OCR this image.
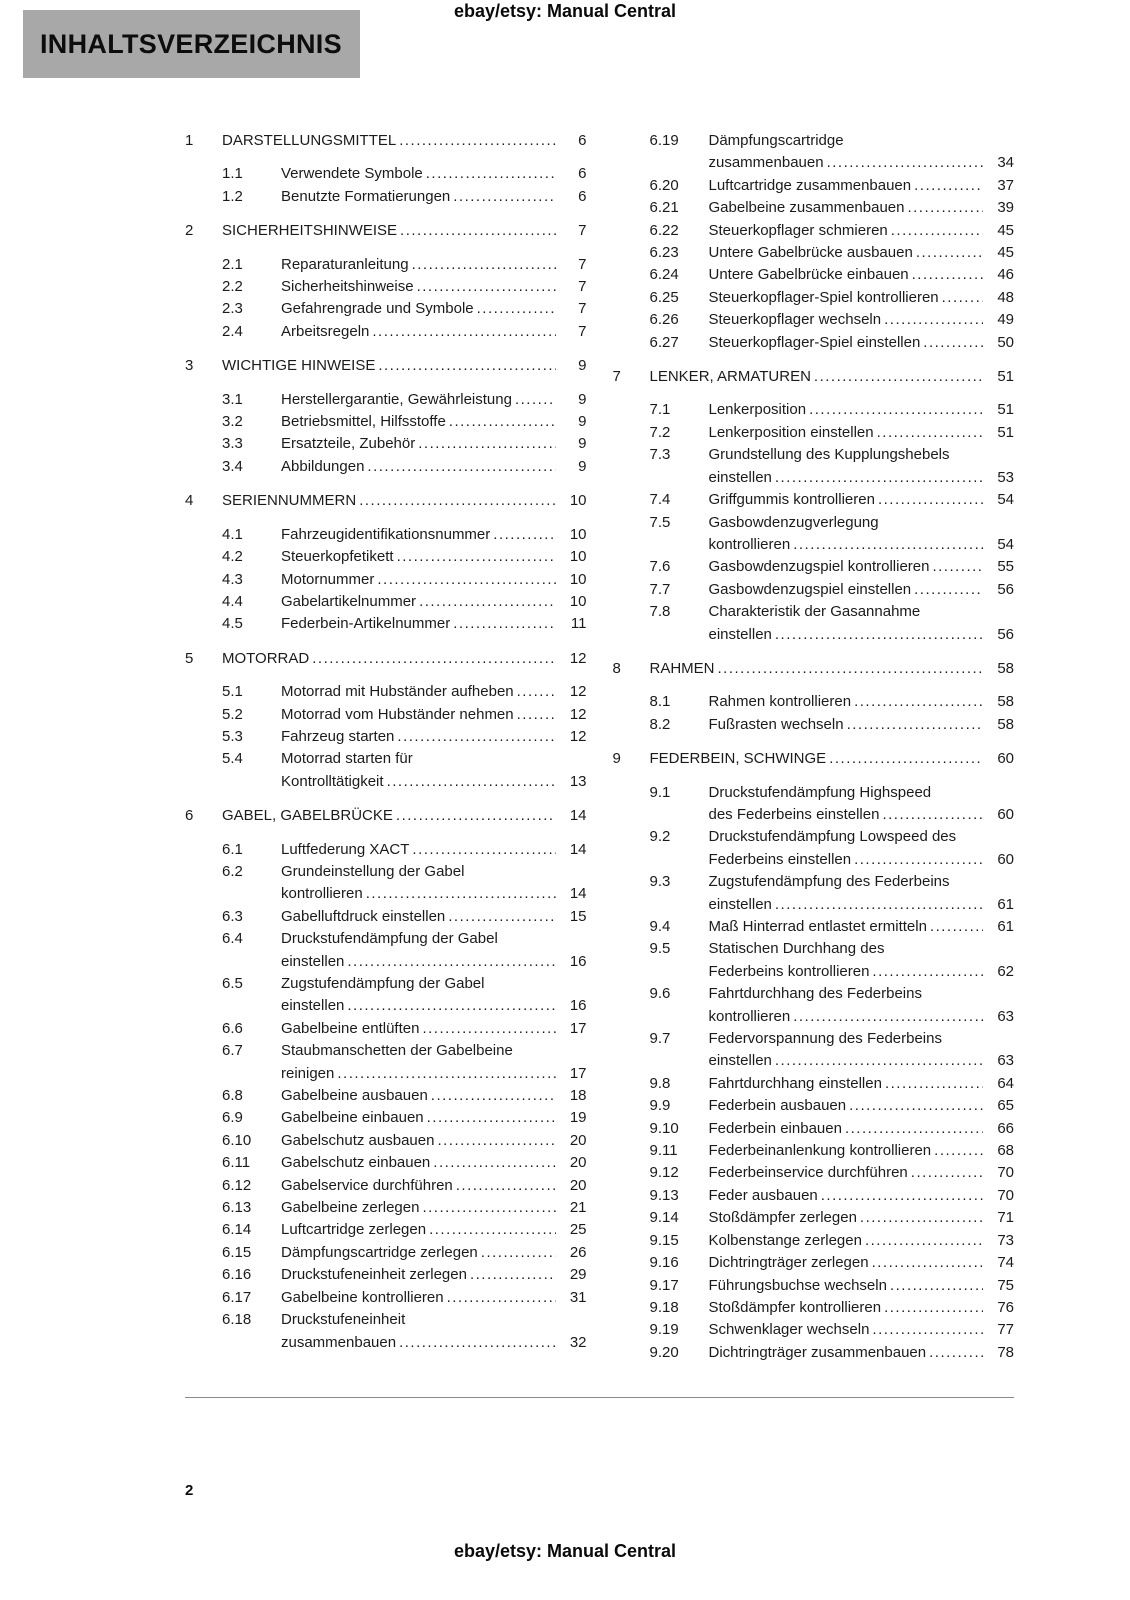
ebay/etsy: Manual Central
INHALTSVERZEICHNIS
1	DARSTELLUNGSMITTEL .....	6
1.1	Verwendete Symbole .....	6
1.2	Benutzte Formatierungen .....	6
2	SICHERHEITSHINWEISE .....	7
2.1	Reparaturanleitung .....	7
2.2	Sicherheitshinweise .....	7
2.3	Gefahrengrade und Symbole .....	7
2.4	Arbeitsregeln .....	7
3	WICHTIGE HINWEISE .....	9
3.1	Herstellergarantie, Gewährleistung .....	9
3.2	Betriebsmittel, Hilfsstoffe .....	9
3.3	Ersatzteile, Zubehör .....	9
3.4	Abbildungen .....	9
4	SERIENNUMMERN .....	10
4.1	Fahrzeugidentifikationsnummer .....	10
4.2	Steuerkopfetikett .....	10
4.3	Motornummer .....	10
4.4	Gabelartikelnummer .....	10
4.5	Federbein-Artikelnummer .....	11
5	MOTORRAD .....	12
5.1	Motorrad mit Hubständer aufheben .....	12
5.2	Motorrad vom Hubständer nehmen .....	12
5.3	Fahrzeug starten .....	12
5.4	Motorrad starten für
Kontrolltätigkeit .....	13
6	GABEL, GABELBRÜCKE .....	14
6.1	Luftfederung XACT .....	14
6.2	Grundeinstellung der Gabel
kontrollieren .....	14
6.3	Gabelluftdruck einstellen .....	15
6.4	Druckstufendämpfung der Gabel
einstellen .....	16
6.5	Zugstufendämpfung der Gabel
einstellen .....	16
6.6	Gabelbeine entlüften .....	17
6.7	Staubmanschetten der Gabelbeine
reinigen .....	17
6.8	Gabelbeine ausbauen .....	18
6.9	Gabelbeine einbauen .....	19
6.10	Gabelschutz ausbauen .....	20
6.11	Gabelschutz einbauen .....	20
6.12	Gabelservice durchführen .....	20
6.13	Gabelbeine zerlegen .....	21
6.14	Luftcartridge zerlegen .....	25
6.15	Dämpfungscartridge zerlegen .....	26
6.16	Druckstufeneinheit zerlegen .....	29
6.17	Gabelbeine kontrollieren .....	31
6.18	Druckstufeneinheit
zusammenbauen .....	32
6.19	Dämpfungscartridge
zusammenbauen .....	34
6.20	Luftcartridge zusammenbauen .....	37
6.21	Gabelbeine zusammenbauen .....	39
6.22	Steuerkopflager schmieren .....	45
6.23	Untere Gabelbrücke ausbauen .....	45
6.24	Untere Gabelbrücke einbauen .....	46
6.25	Steuerkopflager-Spiel kontrollieren .....	48
6.26	Steuerkopflager wechseln .....	49
6.27	Steuerkopflager-Spiel einstellen .....	50
7	LENKER, ARMATUREN .....	51
7.1	Lenkerposition .....	51
7.2	Lenkerposition einstellen .....	51
7.3	Grundstellung des Kupplungshebels
einstellen .....	53
7.4	Griffgummis kontrollieren .....	54
7.5	Gasbowdenzugverlegung
kontrollieren .....	54
7.6	Gasbowdenzugspiel kontrollieren .....	55
7.7	Gasbowdenzugspiel einstellen .....	56
7.8	Charakteristik der Gasannahme
einstellen .....	56
8	RAHMEN .....	58
8.1	Rahmen kontrollieren .....	58
8.2	Fußrasten wechseln .....	58
9	FEDERBEIN, SCHWINGE .....	60
9.1	Druckstufendämpfung Highspeed
des Federbeins einstellen .....	60
9.2	Druckstufendämpfung Lowspeed des
Federbeins einstellen .....	60
9.3	Zugstufendämpfung des Federbeins
einstellen .....	61
9.4	Maß Hinterrad entlastet ermitteln .....	61
9.5	Statischen Durchhang des
Federbeins kontrollieren .....	62
9.6	Fahrtdurchhang des Federbeins
kontrollieren .....	63
9.7	Federvorspannung des Federbeins
einstellen .....	63
9.8	Fahrtdurchhang einstellen .....	64
9.9	Federbein ausbauen .....	65
9.10	Federbein einbauen .....	66
9.11	Federbeinanlenkung kontrollieren .....	68
9.12	Federbeinservice durchführen .....	70
9.13	Feder ausbauen .....	70
9.14	Stoßdämpfer zerlegen .....	71
9.15	Kolbenstange zerlegen .....	73
9.16	Dichtringträger zerlegen .....	74
9.17	Führungsbuchse wechseln .....	75
9.18	Stoßdämpfer kontrollieren .....	76
9.19	Schwenklager wechseln .....	77
9.20	Dichtringträger zusammenbauen .....	78
2
ebay/etsy: Manual Central
